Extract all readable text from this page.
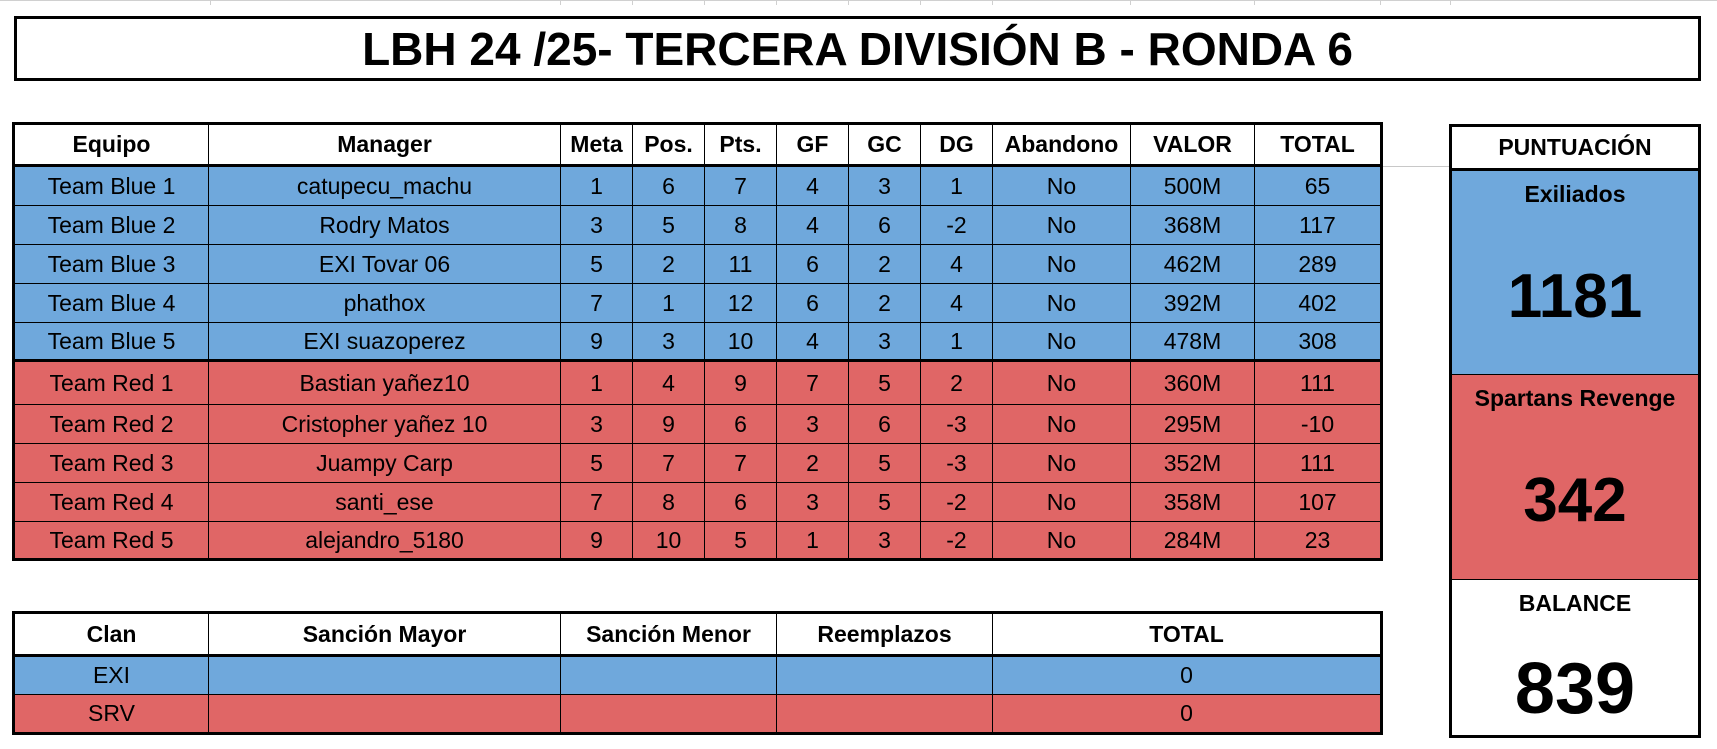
LBH 24 /25- TERCERA DIVISIÓN B - RONDA 6
Equipo	Manager	Meta	Pos.	Pts.	GF	GC	DG	Abandono	VALOR	TOTAL
Team Blue 1	catupecu_machu	1	6	7	4	3	1	No	500M	65
Team Blue 2	Rodry Matos	3	5	8	4	6	-2	No	368M	117
Team Blue 3	EXI Tovar 06	5	2	11	6	2	4	No	462M	289
Team Blue 4	phathox	7	1	12	6	2	4	No	392M	402
Team Blue 5	EXI suazoperez	9	3	10	4	3	1	No	478M	308
Team Red 1	Bastian yañez10	1	4	9	7	5	2	No	360M	111
Team Red 2	Cristopher yañez 10	3	9	6	3	6	-3	No	295M	-10
Team Red 3	Juampy Carp	5	7	7	2	5	-3	No	352M	111
Team Red 4	santi_ese	7	8	6	3	5	-2	No	358M	107
Team Red 5	alejandro_5180	9	10	5	1	3	-2	No	284M	23
Clan	Sanción Mayor	Sanción Menor	Reemplazos	TOTAL
EXI				0
SRV				0
PUNTUACIÓN
Exiliados
1181
Spartans Revenge
342
BALANCE
839
